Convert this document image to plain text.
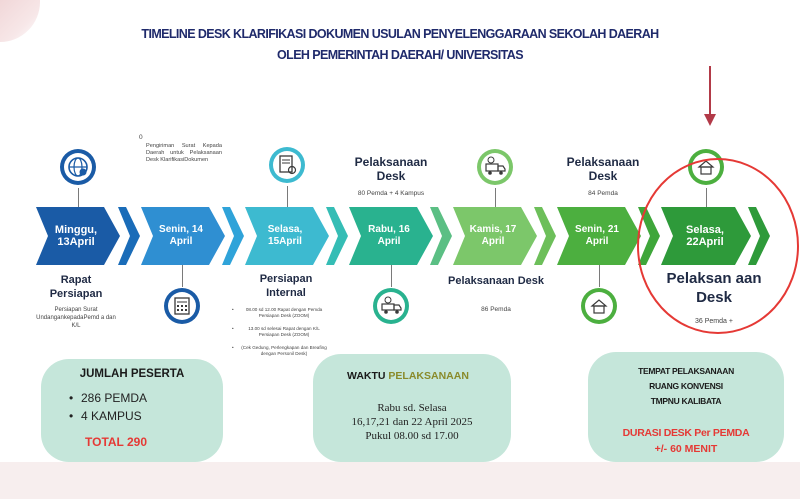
TIMELINE DESK KLARIFIKASI DOKUMEN USULAN PENYELENGGARAAN SEKOLAH DAERAH
OLEH PEMERINTAH DAERAH/ UNIVERSITAS
Minggu,
13April
Senin, 14
April
Selasa,
15April
Rabu, 16
April
Kamis, 17
April
Senin, 21
April
Selasa,
22April
0
Pengiriman Surat Kepada Daerah untuk Pelaksanaan Desk KlarifikasiDokumen	Pelaksanaan Desk
80 Pemda + 4 Kampus
Pelaksanaan Desk
84 Pemda
Rapat Persiapan
Persiapan Surat UndangankepadaPemd a dan K/L
Persiapan Internal
•	08.00 sd 12.00 Rapat dengan Pemda Persiapan Desk (ZOOM)
•	13.00 sd selesai Rapat dengan K/L Persiapan Desk (ZOOM)
•	(Cek Gedung, Perlengkapan dan Breafing dengan Personil Desk)
Pelaksanaan Desk
86 Pemda
Pelaksan aan Desk
36 Pemda +
JUMLAH PESERTA
• 286 PEMDA
• 4 KAMPUS
TOTAL 290
WAKTU PELAKSANAAN
Rabu sd. Selasa
16,17,21 dan 22 April 2025
Pukul 08.00 sd 17.00
TEMPAT PELAKSANAAN
RUANG KONVENSI
TMPNU KALIBATA
DURASI DESK Per PEMDA
+/- 60 MENIT
